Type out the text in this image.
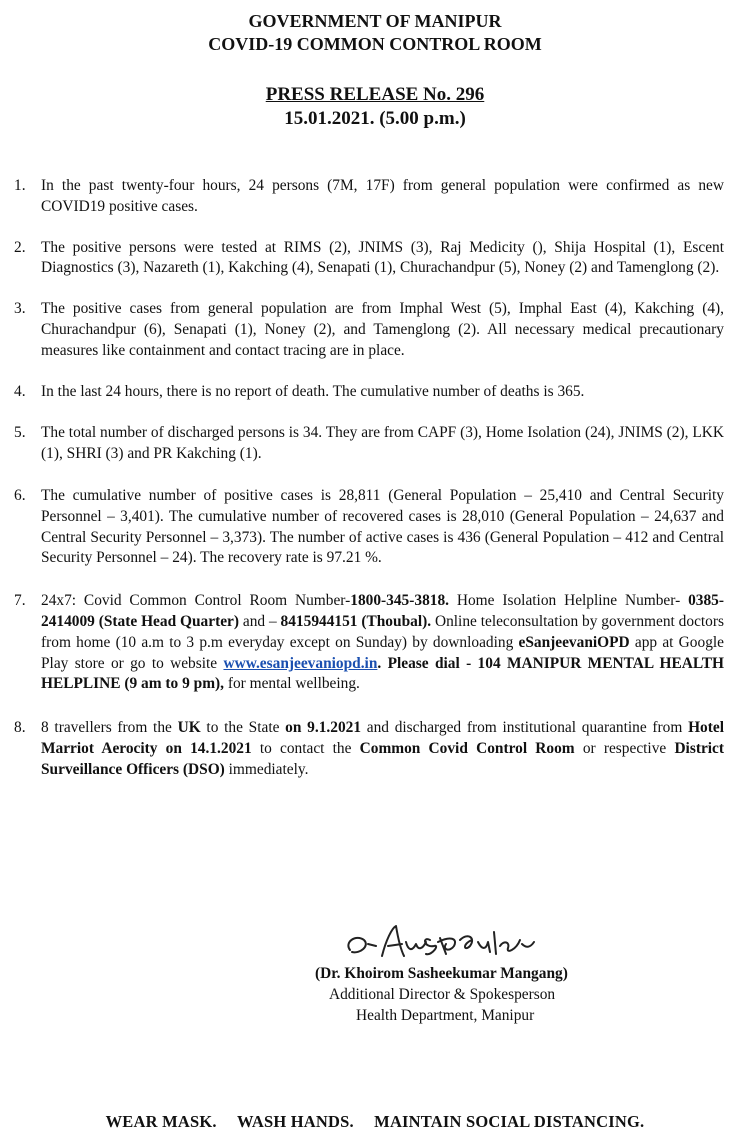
GOVERNMENT OF MANIPUR
COVID-19 COMMON CONTROL ROOM
PRESS RELEASE No. 296
15.01.2021. (5.00 p.m.)
1. In the past twenty-four hours, 24 persons (7M, 17F) from general population were confirmed as new COVID19 positive cases.
2. The positive persons were tested at RIMS (2), JNIMS (3), Raj Medicity (), Shija Hospital (1), Escent Diagnostics (3), Nazareth (1), Kakching (4), Senapati (1), Churachandpur (5), Noney (2) and Tamenglong (2).
3. The positive cases from general population are from Imphal West (5), Imphal East (4), Kakching (4), Churachandpur (6), Senapati (1), Noney (2), and Tamenglong (2). All necessary medical precautionary measures like containment and contact tracing are in place.
4. In the last 24 hours, there is no report of death. The cumulative number of deaths is 365.
5. The total number of discharged persons is 34. They are from CAPF (3), Home Isolation (24), JNIMS (2), LKK (1), SHRI (3) and PR Kakching (1).
6. The cumulative number of positive cases is 28,811 (General Population – 25,410 and Central Security Personnel – 3,401). The cumulative number of recovered cases is 28,010 (General Population – 24,637 and Central Security Personnel – 3,373). The number of active cases is 436 (General Population – 412 and Central Security Personnel – 24). The recovery rate is 97.21 %.
7. 24x7: Covid Common Control Room Number-1800-345-3818. Home Isolation Helpline Number- 0385-2414009 (State Head Quarter) and – 8415944151 (Thoubal). Online teleconsultation by government doctors from home (10 a.m to 3 p.m everyday except on Sunday) by downloading eSanjeevaniOPD app at Google Play store or go to website www.esanjeevaniopd.in. Please dial - 104 MANIPUR MENTAL HEALTH HELPLINE (9 am to 9 pm), for mental wellbeing.
8. 8 travellers from the UK to the State on 9.1.2021 and discharged from institutional quarantine from Hotel Marriot Aerocity on 14.1.2021 to contact the Common Covid Control Room or respective District Surveillance Officers (DSO) immediately.
(Dr. Khoirom Sasheekumar Mangang)
Additional Director & Spokesperson
Health Department, Manipur
WEAR MASK. WASH HANDS. MAINTAIN SOCIAL DISTANCING.
